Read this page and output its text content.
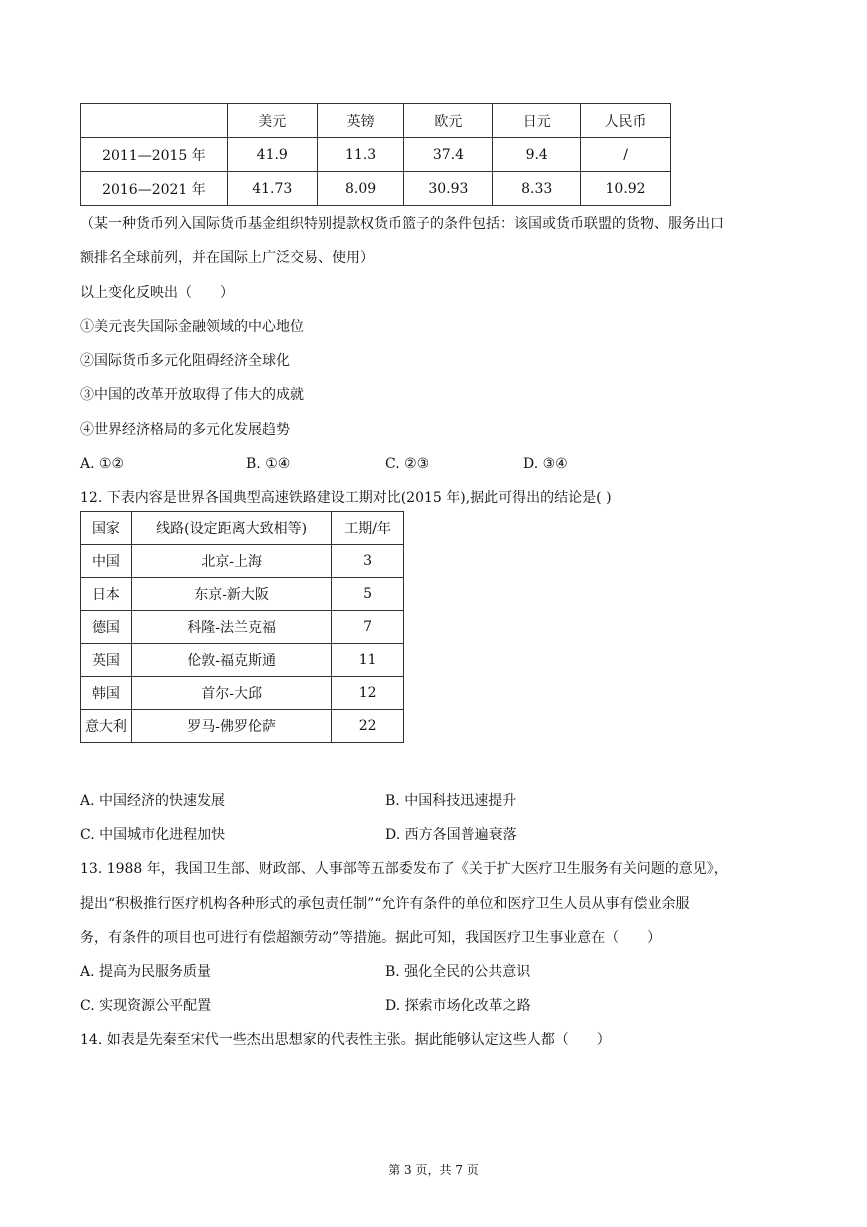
	美元	英镑	欧元	日元	人民币
2011—2015 年	41.9	11.3	37.4	9.4	/
2016—2021 年	41.73	8.09	30.93	8.33	10.92
（某一种货币列入国际货币基金组织特别提款权货币篮子的条件包括：该国或货币联盟的货物、服务出口
额排名全球前列，并在国际上广泛交易、使用）
以上变化反映出（　　）
①美元丧失国际金融领域的中心地位
②国际货币多元化阻碍经济全球化
③中国的改革开放取得了伟大的成就
④世界经济格局的多元化发展趋势
A. ①②	B. ①④	C. ②③	D. ③④
12. 下表内容是世界各国典型高速铁路建设工期对比(2015 年),据此可得出的结论是( )
国家	线路(设定距离大致相等)	工期/年
中国	北京-上海	3
日本	东京-新大阪	5
德国	科隆-法兰克福	7
英国	伦敦-福克斯通	11
韩国	首尔-大邱	12
意大利	罗马-佛罗伦萨	22
A. 中国经济的快速发展	B. 中国科技迅速提升
C. 中国城市化进程加快	D. 西方各国普遍衰落
13. 1988 年，我国卫生部、财政部、人事部等五部委发布了《关于扩大医疗卫生服务有关问题的意见》，
提出“积极推行医疗机构各种形式的承包责任制”“允许有条件的单位和医疗卫生人员从事有偿业余服
务，有条件的项目也可进行有偿超额劳动”等措施。据此可知，我国医疗卫生事业意在（　　）
A. 提高为民服务质量	B. 强化全民的公共意识
C. 实现资源公平配置	D. 探索市场化改革之路
14. 如表是先秦至宋代一些杰出思想家的代表性主张。据此能够认定这些人都（　　）
第 3 页，共 7 页
